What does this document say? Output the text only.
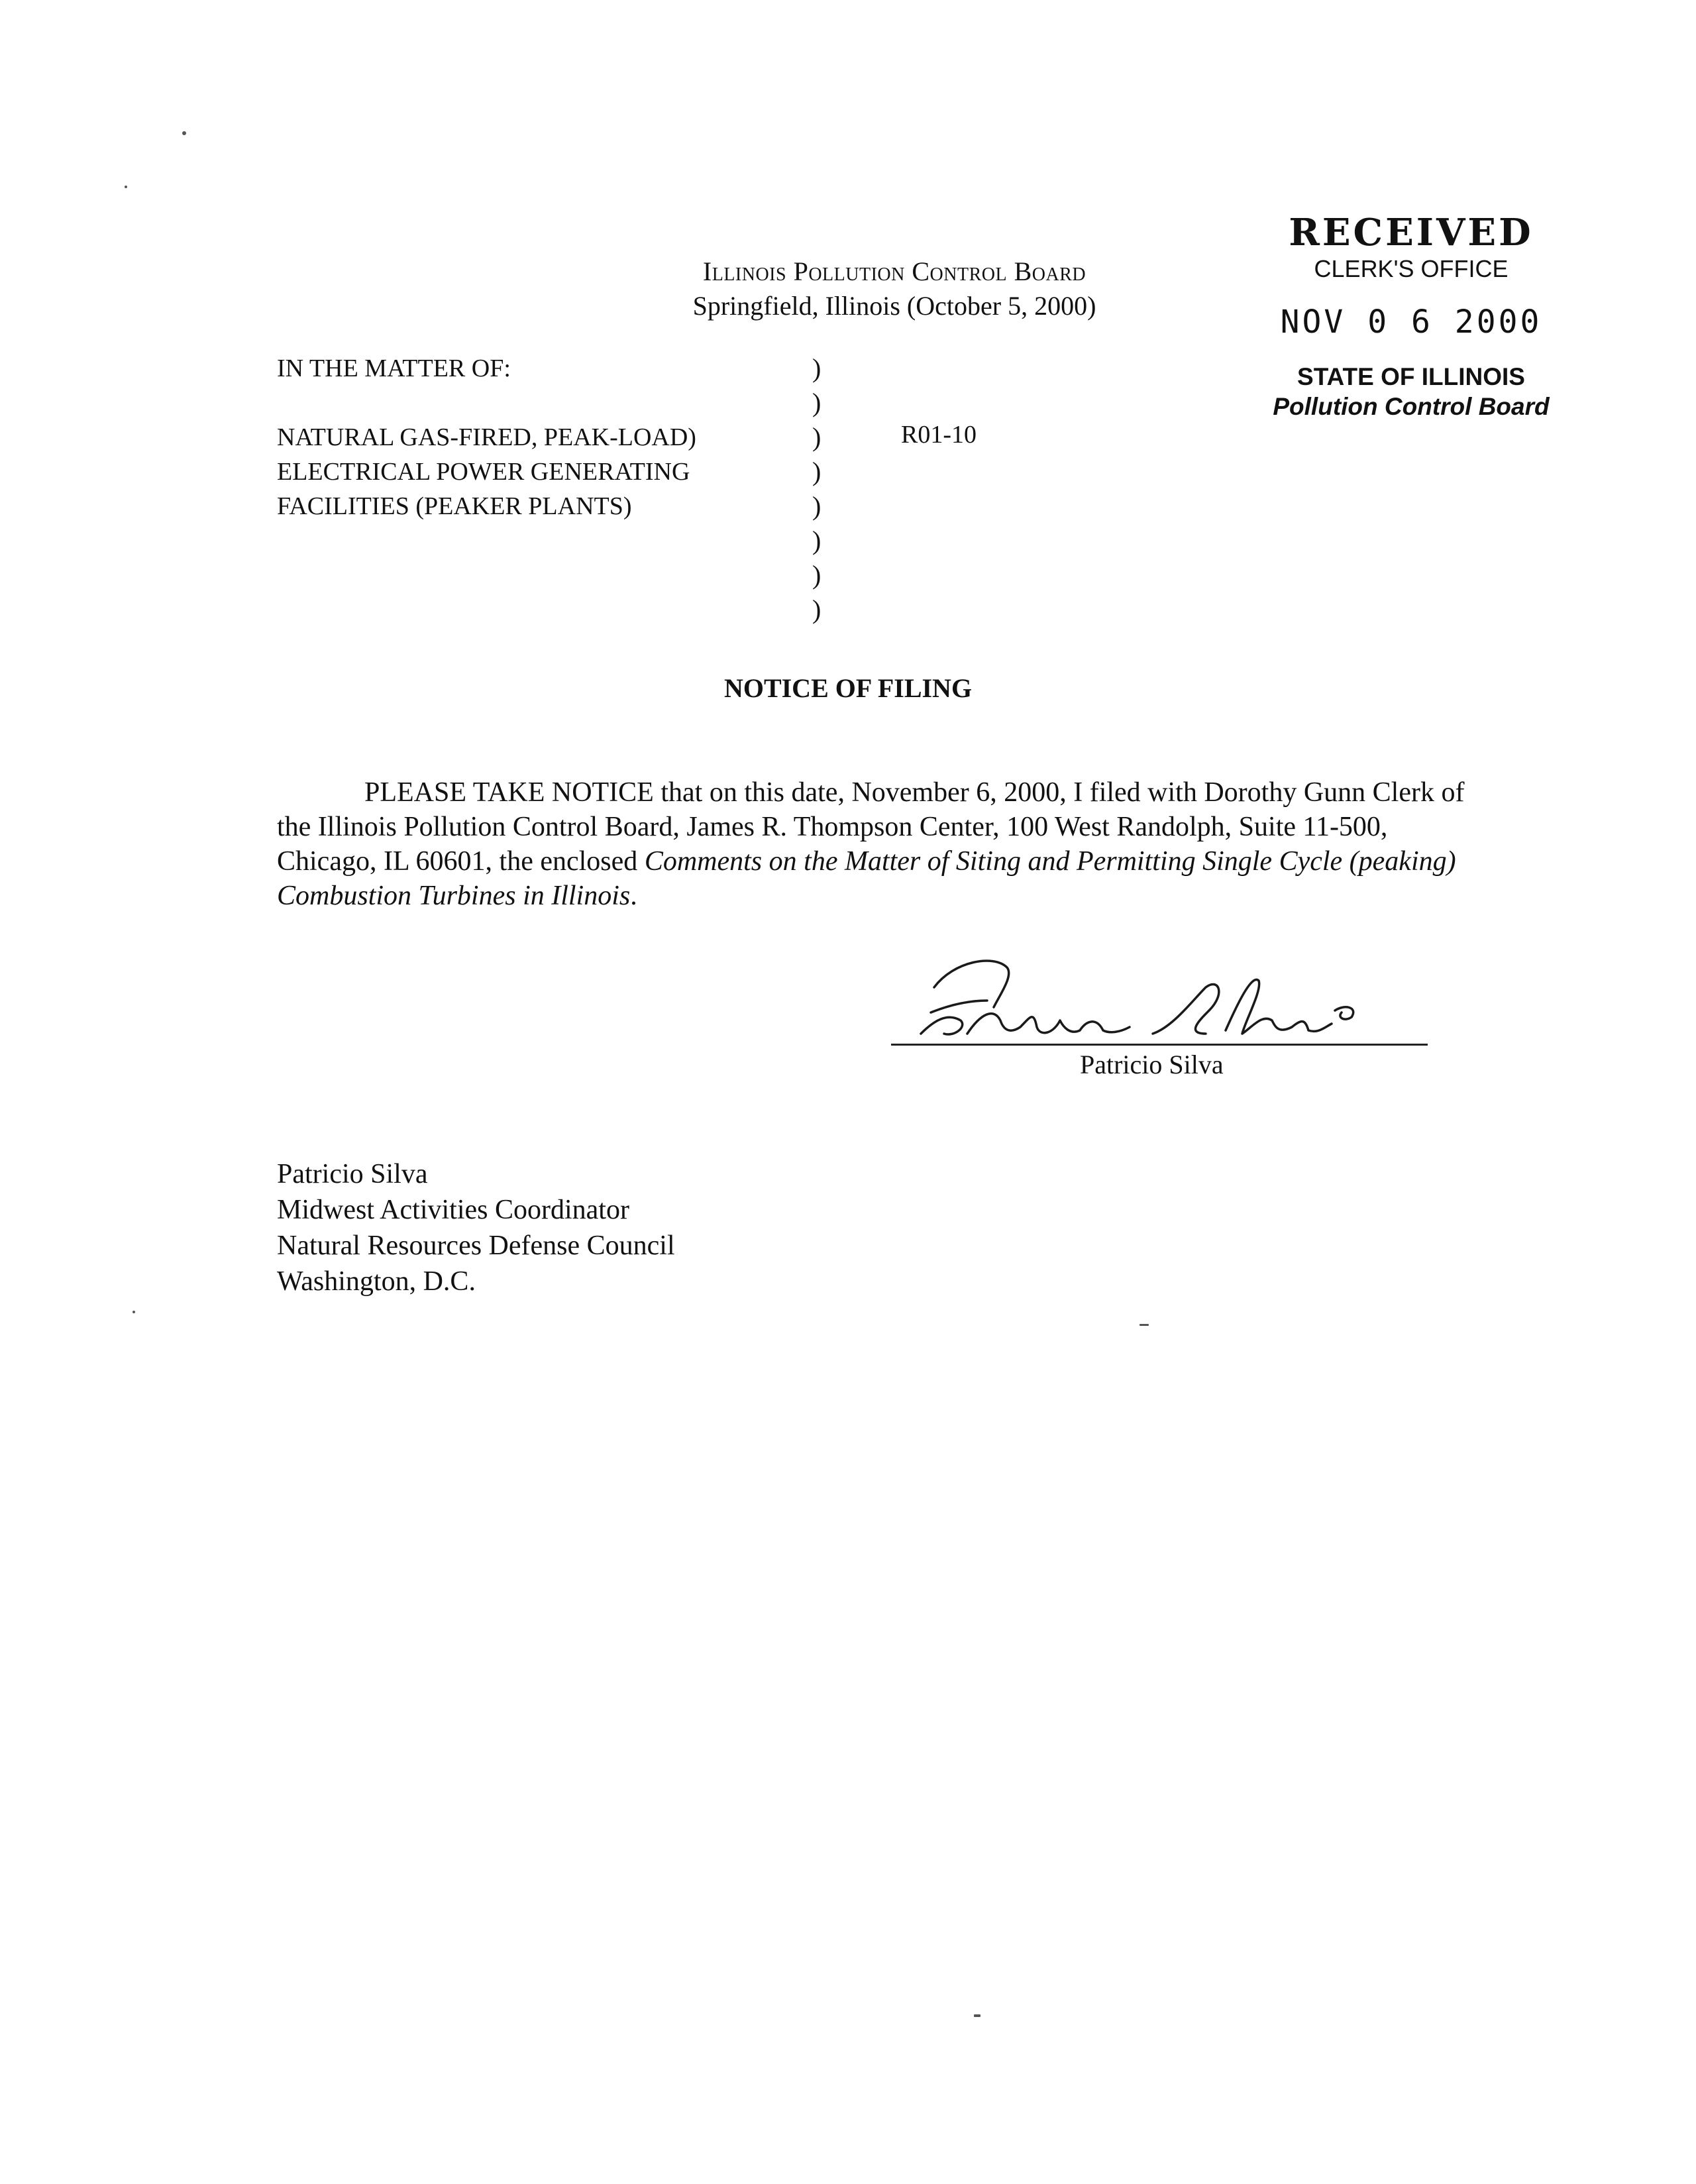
Illinois Pollution Control Board
Springfield, Illinois (October 5, 2000)
RECEIVED
CLERK'S OFFICE
NOV 0 6 2000
STATE OF ILLINOIS
Pollution Control Board
IN THE MATTER OF:
NATURAL GAS-FIRED, PEAK-LOAD)
ELECTRICAL POWER GENERATING
FACILITIES (PEAKER PLANTS)
)
)
)
)
)
)
)
)
R01-10
NOTICE OF FILING
PLEASE TAKE NOTICE that on this date, November 6, 2000, I filed with Dorothy Gunn Clerk of the Illinois Pollution Control Board, James R. Thompson Center, 100 West Randolph, Suite 11-500, Chicago, IL 60601, the enclosed Comments on the Matter of Siting and Permitting Single Cycle (peaking) Combustion Turbines in Illinois.
Patricio Silva
Patricio Silva
Midwest Activities Coordinator
Natural Resources Defense Council
Washington, D.C.
